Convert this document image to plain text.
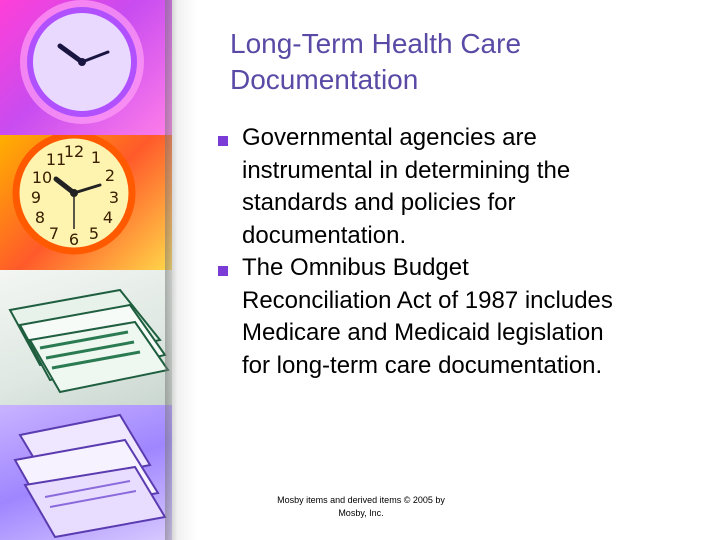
12 1
2
3
4
5
6
7
8
9
10
11
Long-Term Health Care
Documentation
Governmental agencies are
instrumental in determining the
standards and policies for
documentation.
The Omnibus Budget
Reconciliation Act of 1987 includes
Medicare and Medicaid legislation
for long-term care documentation.
Mosby items and derived items © 2005 by
Mosby, Inc.
